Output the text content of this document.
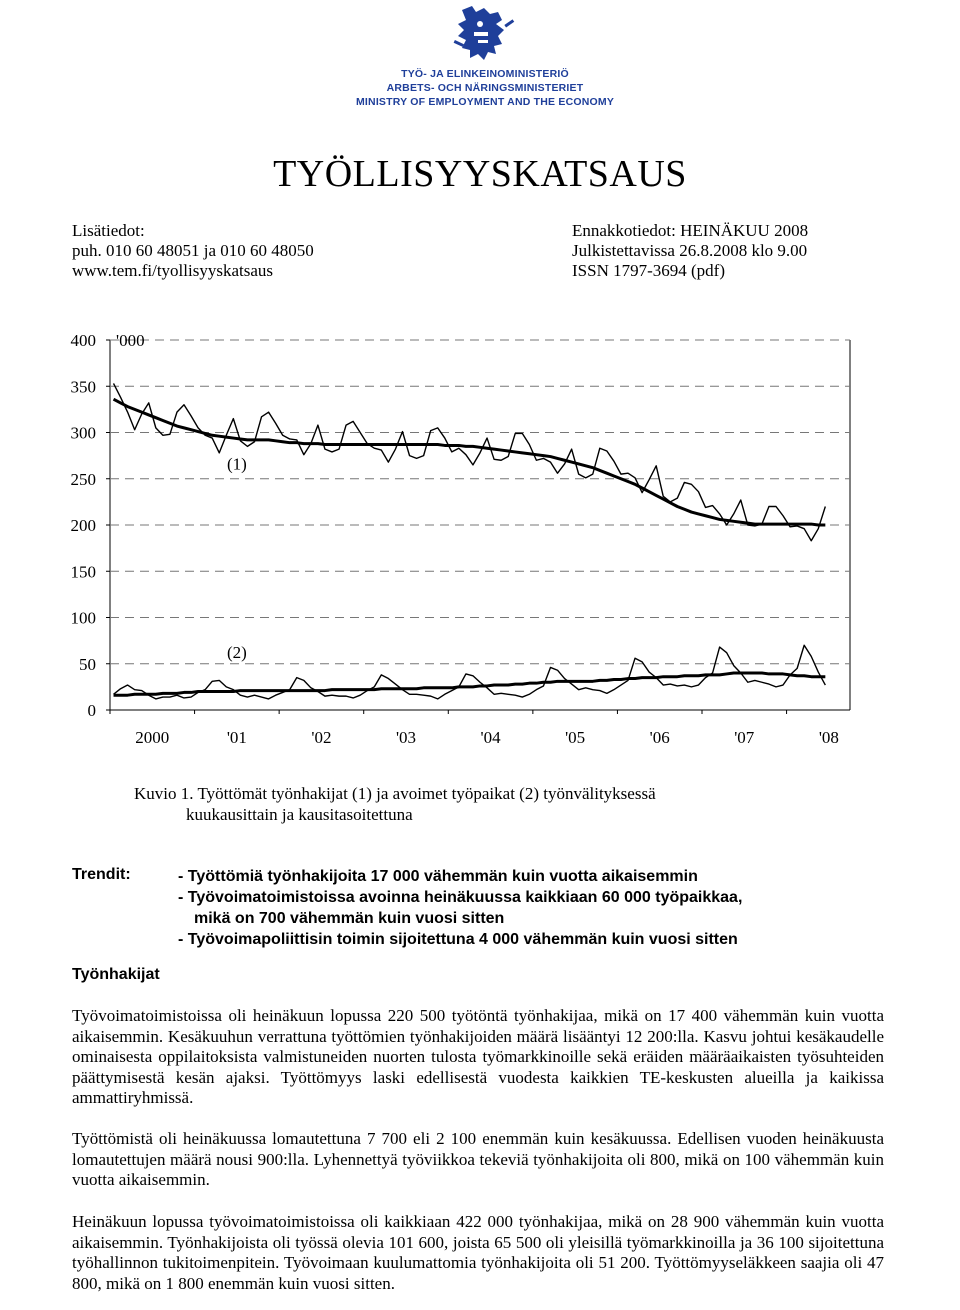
TYÖ- JA ELINKEINOMINISTERIÖ
ARBETS- OCH NÄRINGSMINISTERIET
MINISTRY OF EMPLOYMENT AND THE ECONOMY
TYÖLLISYYSKATSAUS
Lisätiedot:
puh. 010 60 48051 ja 010 60 48050
www.tem.fi/tyollisyyskatsaus
Ennakkotiedot: HEINÄKUU 2008
Julkistettavissa 26.8.2008 klo 9.00
ISSN 1797-3694 (pdf)
0
50
100
150
200
250
300
350
400 '000
2000	'01	'02	'03	'04	'05	'06	'07	'08
(1)
(2)
Kuvio 1. Työttömät työnhakijat (1) ja avoimet työpaikat (2) työnvälityksessä
kuukausittain ja kausitasoitettuna
Trendit:	- Työttömiä työnhakijoita 17 000 vähemmän kuin vuotta aikaisemmin
- Työvoimatoimistoissa avoinna heinäkuussa kaikkiaan 60 000 työpaikkaa,
mikä on 700 vähemmän kuin vuosi sitten
- Työvoimapoliittisin toimin sijoitettuna 4 000 vähemmän kuin vuosi sitten
Työnhakijat
Työvoimatoimistoissa oli heinäkuun lopussa 220 500 työtöntä työnhakijaa, mikä on 17 400 vähemmän kuin vuotta aikaisemmin. Kesäkuuhun verrattuna työttömien työnhakijoiden määrä lisääntyi 12 200:lla. Kasvu johtui kesäkaudelle ominaisesta oppilaitoksista valmistuneiden nuorten tulosta työmarkkinoille sekä eräiden määräaikaisten työsuhteiden päättymisestä kesän ajaksi. Työttömyys laski edellisestä vuodesta kaikkien TE-keskusten alueilla ja kaikissa ammattiryhmissä.
Työttömistä oli heinäkuussa lomautettuna 7 700 eli 2 100 enemmän kuin kesäkuussa. Edellisen vuoden heinäkuusta lomautettujen määrä nousi 900:lla. Lyhennettyä työviikkoa tekeviä työnhakijoita oli 800, mikä on 100 vähemmän kuin vuotta aikaisemmin.
Heinäkuun lopussa työvoimatoimistoissa oli kaikkiaan 422 000 työnhakijaa, mikä on 28 900 vähemmän kuin vuotta aikaisemmin. Työnhakijoista oli työssä olevia 101 600, joista 65 500 oli yleisillä työmarkkinoilla ja 36 100 sijoitettuna työhallinnon tukitoimenpitein. Työvoimaan kuulumattomia työnhakijoita oli 51 200. Työttömyyseläkkeen saajia oli 47 800, mikä on 1 800 enemmän kuin vuosi sitten.
